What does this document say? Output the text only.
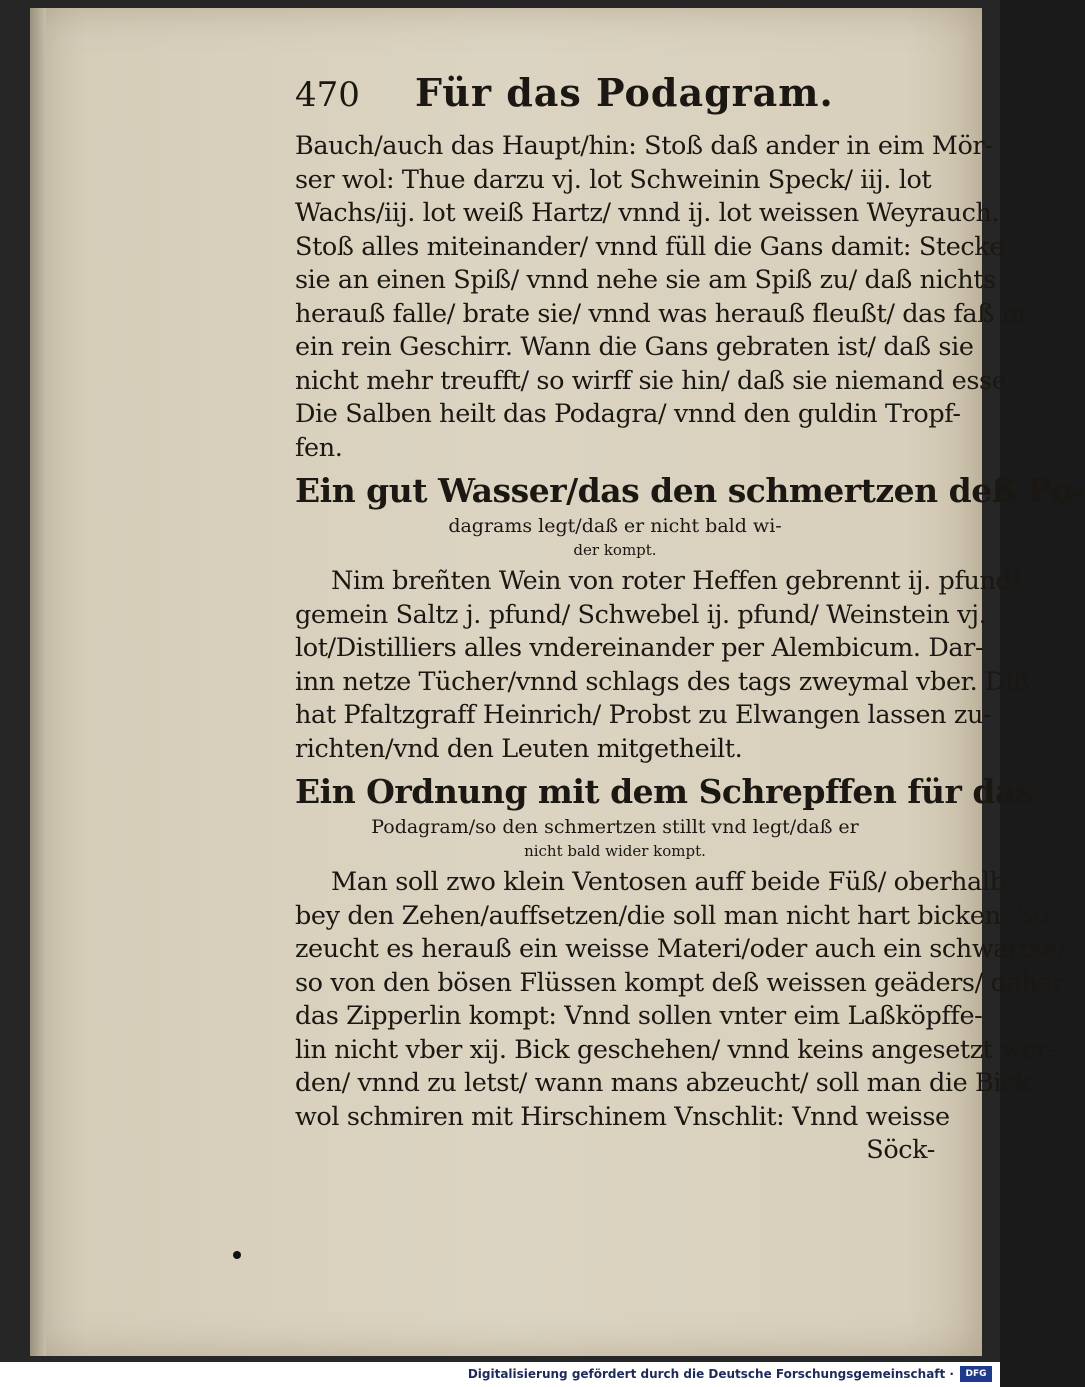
470	Für das Podagram.
Bauch/auch das Haupt/hin: Stoß daß ander in eim Mör-
ser wol: Thue darzu vj. lot Schweinin Speck/ iij. lot
Wachs/iij. lot weiß Hartz/ vnnd ij. lot weissen Weyrauch.
Stoß alles miteinander/ vnnd füll die Gans damit: Stecke
sie an einen Spiß/ vnnd nehe sie am Spiß zu/ daß nichts
herauß falle/ brate sie/ vnnd was herauß fleußt/ das faß in
ein rein Geschirr. Wann die Gans gebraten ist/ daß sie
nicht mehr treufft/ so wirff sie hin/ daß sie niemand esse.
Die Salben heilt das Podagra/ vnnd den guldin Tropf-
fen.
Ein gut Wasser/das den schmertzen deß Po-
dagrams legt/daß er nicht bald wi-
der kompt.
Nim breñten Wein von roter Heffen gebrennt ij. pfund/
gemein Saltz j. pfund/ Schwebel ij. pfund/ Weinstein vj.
lot/Distilliers alles vndereinander per Alembicum. Dar-
inn netze Tücher/vnnd schlags des tags zweymal vber. Diß
hat Pfaltzgraff Heinrich/ Probst zu Elwangen lassen zu-
richten/vnd den Leuten mitgetheilt.
Ein Ordnung mit dem Schrepffen für das
Podagram/so den schmertzen stillt vnd legt/daß er
nicht bald wider kompt.
Man soll zwo klein Ventosen auff beide Füß/ oberhalb
bey den Zehen/auffsetzen/die soll man nicht hart bicken: So
zeucht es herauß ein weisse Materi/oder auch ein schwartze/
so von den bösen Flüssen kompt deß weissen geäders/ daher
das Zipperlin kompt: Vnnd sollen vnter eim Laßköpffe-
lin nicht vber xij. Bick geschehen/ vnnd keins angesetzt wer-
den/ vnnd zu letst/ wann mans abzeucht/ soll man die Bick
wol schmiren mit Hirschinem Vnschlit: Vnnd weisse
Söck-
Digitalisierung gefördert durch die Deutsche Forschungsgemeinschaft ·	DFG
